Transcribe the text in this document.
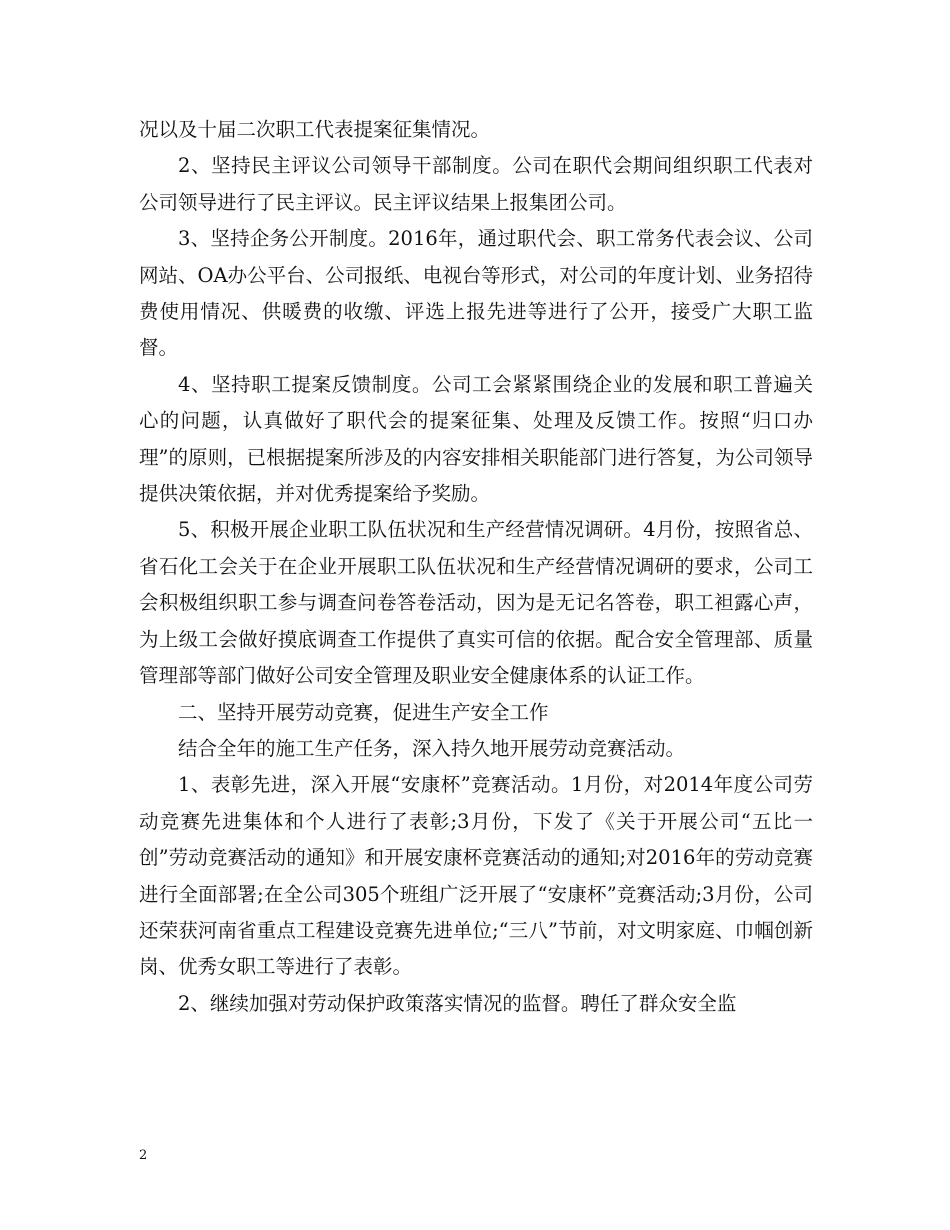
况以及十届二次职工代表提案征集情况。

2、坚持民主评议公司领导干部制度。公司在职代会期间组织职工代表对公司领导进行了民主评议。民主评议结果上报集团公司。

3、坚持企务公开制度。2016年，通过职代会、职工常务代表会议、公司网站、OA办公平台、公司报纸、电视台等形式，对公司的年度计划、业务招待费使用情况、供暖费的收缴、评选上报先进等进行了公开，接受广大职工监督。

4、坚持职工提案反馈制度。公司工会紧紧围绕企业的发展和职工普遍关心的问题，认真做好了职代会的提案征集、处理及反馈工作。按照“归口办理”的原则，已根据提案所涉及的内容安排相关职能部门进行答复，为公司领导提供决策依据，并对优秀提案给予奖励。

5、积极开展企业职工队伍状况和生产经营情况调研。4月份，按照省总、省石化工会关于在企业开展职工队伍状况和生产经营情况调研的要求，公司工会积极组织职工参与调查问卷答卷活动，因为是无记名答卷，职工袒露心声， 为上级工会做好摸底调查工作提供了真实可信的依据。配合安全管理部、质量管理部等部门做好公司安全管理及职业安全健康体系的认证工作。

二、坚持开展劳动竞赛，促进生产安全工作

结合全年的施工生产任务，深入持久地开展劳动竞赛活动。

1、表彰先进，深入开展“安康杯”竞赛活动。1月份，对2014年度公司劳动竞赛先进集体和个人进行了表彰;3月份，下发了《关于开展公司“五比一创”劳动竞赛活动的通知》和开展安康杯竞赛活动的通知;对2016年的劳动竞赛进行全面部署;在全公司305个班组广泛开展了“安康杯”竞赛活动;3月份，公司还荣获河南省重点工程建设竞赛先进单位;“三八”节前，对文明家庭、巾帼创新岗、优秀女职工等进行了表彰。

2、继续加强对劳动保护政策落实情况的监督。聘任了群众安全监

2
